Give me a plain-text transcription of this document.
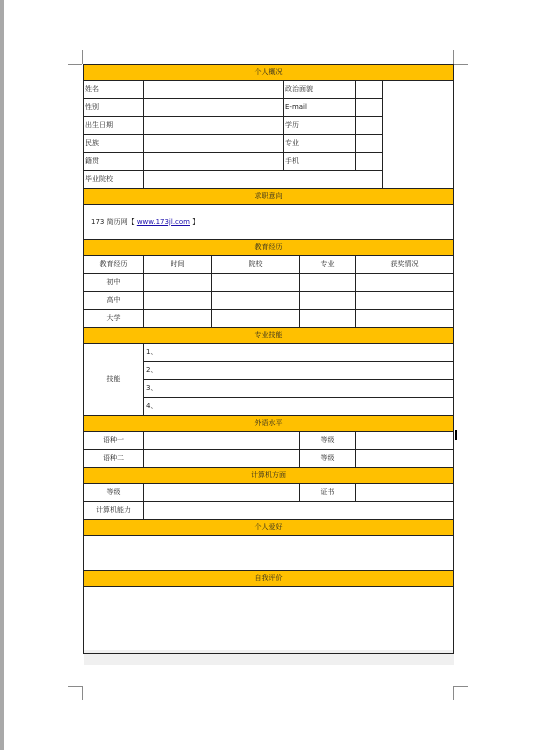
个人概况						
姓名			政治面貌			
性别			E-mail			
出生日期			学历			
民族			专业			
籍贯			手机			
毕业院校						
求职意向						
173 简历网【 www.173jl.com 】						
教育经历						
教育经历	时间	院校		专业	获奖情况	
初中						
高中						
大学						
专业技能						
技能	1、					
	2、					
	3、					
	4、					
外语水平						
语种一				等级		
语种二				等级		
计算机方面						
等级				证书		
计算机能力						
个人爱好						

自我评价						
